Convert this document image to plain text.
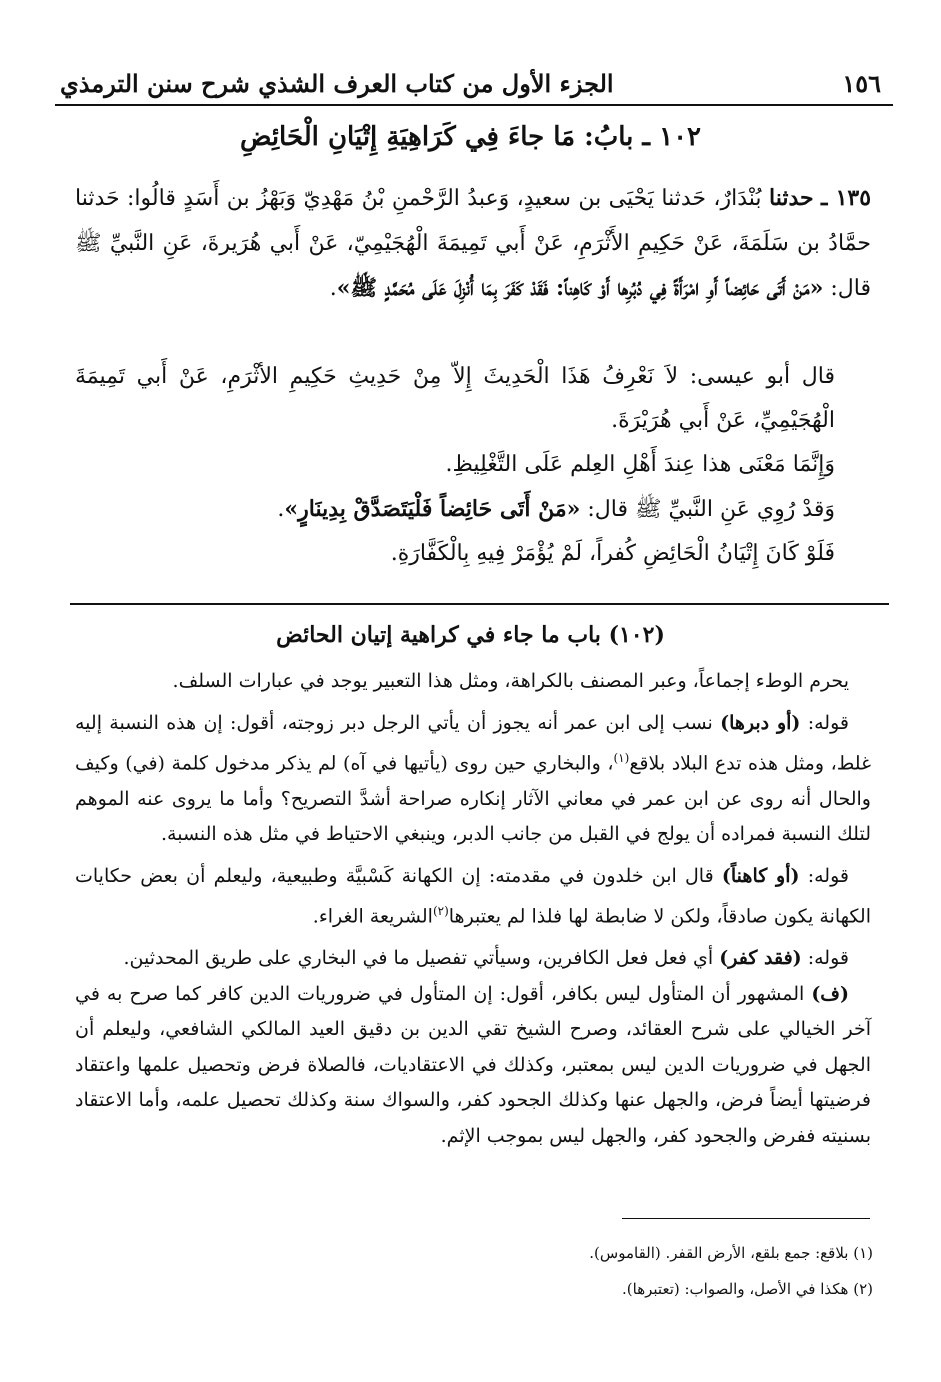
١٥٦
الجزء الأول من كتاب العرف الشذي شرح سنن الترمذي
١٠٢ ـ بابُ: مَا جاءَ فِي كَرَاهِيَةِ إِتْيَانِ الْحَائِضِ
١٣٥ ـ حدثنا بُنْدَارٌ، حَدثنا يَحْيَى بن سعيدٍ، وَعبدُ الرَّحْمنِ بْنُ مَهْدِيّ وَبَهْزُ بن أَسَدٍ قالُوا: حَدثنا حمَّادُ بن سَلَمَةَ، عَنْ حَكِيمِ الأَثْرَمِ، عَنْ أَبي تَمِيمَةَ الْهُجَيْمِيّ، عَنْ أَبي هُرَيرةَ، عَنِ النَّبيِّ ﷺ قال: «مَنْ أَتَى حَائِضاً أَوِ امْرَأَةً فِي دُبُرِها أَوْ كَاهِناً: فَقَدْ كَفَرَ بِمَا أُنْزِلَ عَلَى مُحَمَّدٍ ﷺ».

قال أبو عيسى: لاَ نَعْرِفُ هَذَا الْحَدِيثَ إِلاّ مِنْ حَدِيثِ حَكِيمِ الأثْرَمِ، عَنْ أَبي تَمِيمَةَ الْهُجَيْمِيِّ، عَنْ أَبي هُرَيْرَةَ.

وَإِنَّمَا مَعْنَى هذا عِندَ أَهْلِ العِلم عَلَى التَّغْلِيظِ.

وَقدْ رُوِي عَنِ النَّبيِّ ﷺ قال: «مَنْ أَتَى حَائِضاً فَلْيَتَصَدَّقْ بِدِينَارٍ».

فَلَوْ كَانَ إِتْيَانُ الْحَائِضِ كُفراً، لَمْ يُؤْمَرْ فِيهِ بِالْكَفَّارَةِ.

(١٠٢) باب ما جاء في كراهية إتيان الحائض

يحرم الوطء إجماعاً، وعبر المصنف بالكراهة، ومثل هذا التعبير يوجد في عبارات السلف.

قوله: (أو دبرها) نسب إلى ابن عمر أنه يجوز أن يأتي الرجل دبر زوجته، أقول: إن هذه النسبة إليه غلط، ومثل هذه تدع البلاد بلاقع$^{(١)}$، والبخاري حين روى (يأتيها في آه) لم يذكر مدخول كلمة (في) وكيف والحال أنه روى عن ابن عمر في معاني الآثار إنكاره صراحة أشدَّ التصريح؟ وأما ما يروى عنه الموهم لتلك النسبة فمراده أن يولج في القبل من جانب الدبر، وينبغي الاحتياط في مثل هذه النسبة.

قوله: (أو كاهناً) قال ابن خلدون في مقدمته: إن الكهانة كَسْبيَّة وطبيعية، وليعلم أن بعض حكايات الكهانة يكون صادقاً، ولكن لا ضابطة لها فلذا لم يعتبرها$^{(٢)}$الشريعة الغراء.

قوله: (فقد كفر) أي فعل فعل الكافرين، وسيأتي تفصيل ما في البخاري على طريق المحدثين.

(ف) المشهور أن المتأول ليس بكافر، أقول: إن المتأول في ضروريات الدين كافر كما صرح به في آخر الخيالي على شرح العقائد، وصرح الشيخ تقي الدين بن دقيق العيد المالكي الشافعي، وليعلم أن الجهل في ضروريات الدين ليس بمعتبر، وكذلك في الاعتقاديات، فالصلاة فرض وتحصيل علمها واعتقاد فرضيتها أيضاً فرض، والجهل عنها وكذلك الجحود كفر، والسواك سنة وكذلك تحصيل علمه، وأما الاعتقاد بسنيته ففرض والجحود كفر، والجهل ليس بموجب الإثم.

(١) بلاقع: جمع بلقع، الأرض القفر. (القاموس).

(٢) هكذا في الأصل، والصواب: (تعتبرها).
